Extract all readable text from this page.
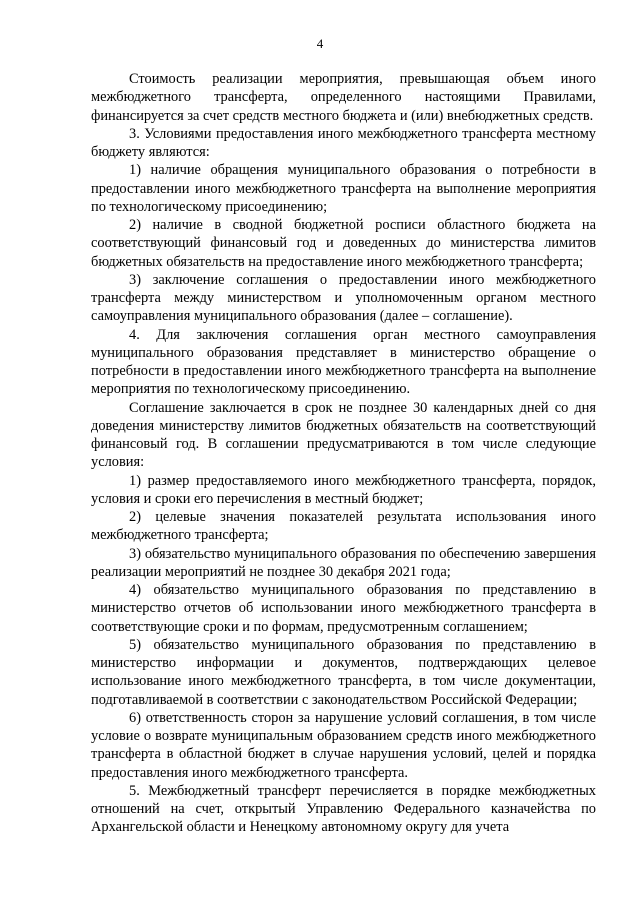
4

Стоимость реализации мероприятия, превышающая объем иного межбюджетного трансферта, определенного настоящими Правилами, финансируется за счет средств местного бюджета и (или) внебюджетных средств.

3. Условиями предоставления иного межбюджетного трансферта местному бюджету являются:

1) наличие обращения муниципального образования о потребности в предоставлении иного межбюджетного трансферта на выполнение мероприятия по технологическому присоединению;

2) наличие в сводной бюджетной росписи областного бюджета на соответствующий финансовый год и доведенных до министерства лимитов бюджетных обязательств на предоставление иного межбюджетного трансферта;

3) заключение соглашения о предоставлении иного межбюджетного трансферта между министерством и уполномоченным органом местного самоуправления муниципального образования (далее – соглашение).

4. Для заключения соглашения орган местного самоуправления муниципального образования представляет в министерство обращение о потребности в предоставлении иного межбюджетного трансферта на выполнение мероприятия по технологическому присоединению.

Соглашение заключается в срок не позднее 30 календарных дней со дня доведения министерству лимитов бюджетных обязательств на соответствующий финансовый год. В соглашении предусматриваются в том числе следующие условия:

1) размер предоставляемого иного межбюджетного трансферта, порядок, условия и сроки его перечисления в местный бюджет;

2) целевые значения показателей результата использования иного межбюджетного трансферта;

3) обязательство муниципального образования по обеспечению завершения реализации мероприятий не позднее 30 декабря 2021 года;

4) обязательство муниципального образования по представлению в министерство отчетов об использовании иного межбюджетного трансферта в соответствующие сроки и по формам, предусмотренным соглашением;

5) обязательство муниципального образования по представлению в министерство информации и документов, подтверждающих целевое использование иного межбюджетного трансферта, в том числе документации, подготавливаемой в соответствии с законодательством Российской Федерации;

6) ответственность сторон за нарушение условий соглашения, в том числе условие о возврате муниципальным образованием средств иного межбюджетного трансферта в областной бюджет в случае нарушения условий, целей и порядка предоставления иного межбюджетного трансферта.

5. Межбюджетный трансферт перечисляется в порядке межбюджетных отношений на счет, открытый Управлению Федерального казначейства по Архангельской области и Ненецкому автономному округу для учета
